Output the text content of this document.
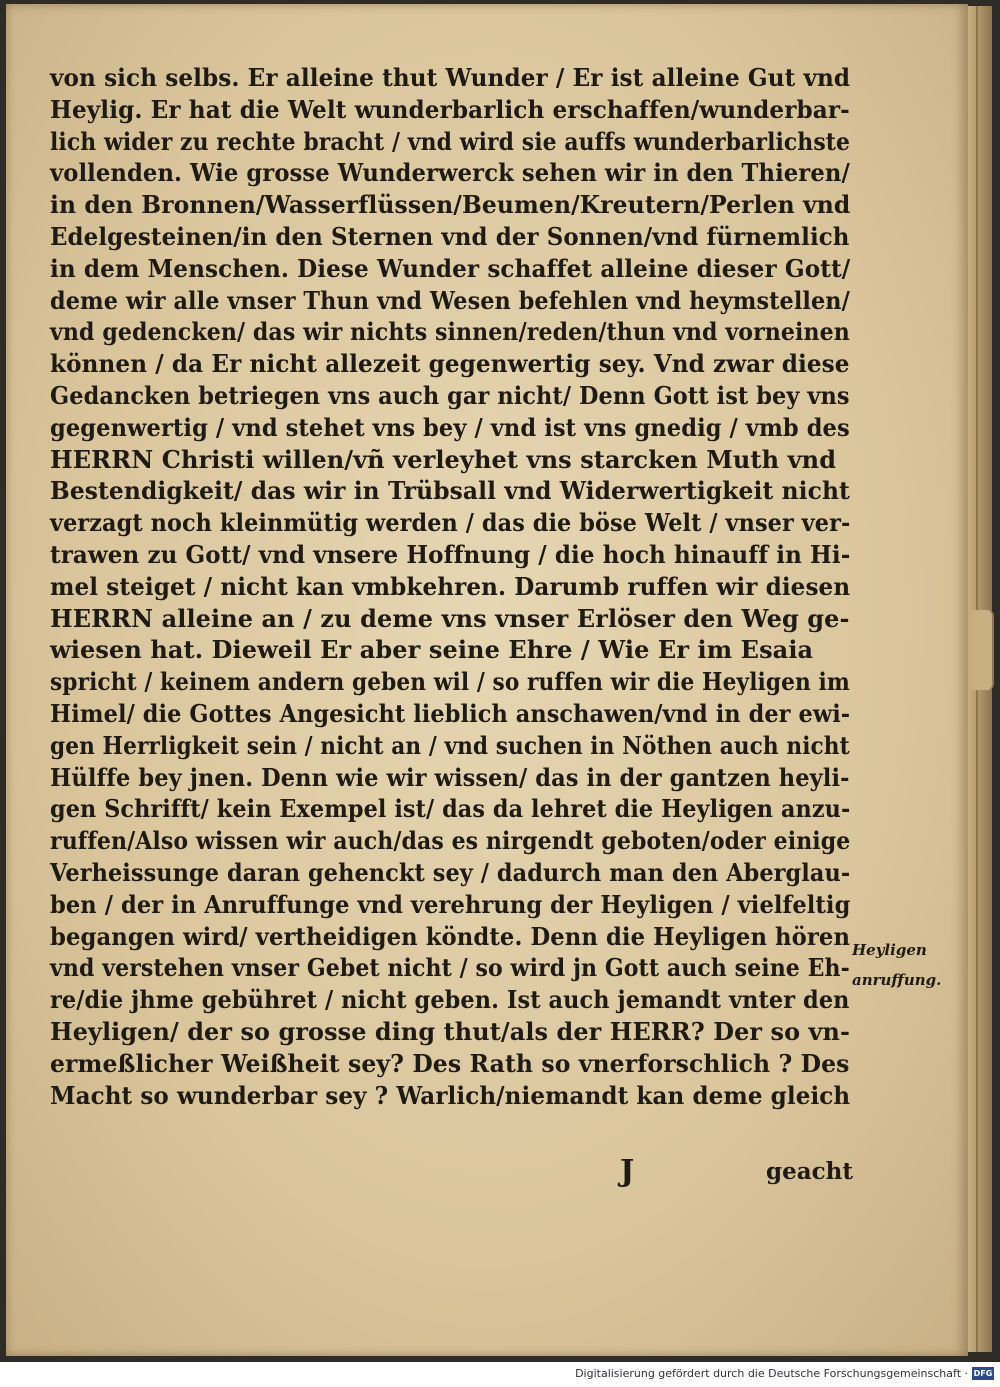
von sich selbs. Er alleine thut Wunder / Er ist alleine Gut vnd
Heylig. Er hat die Welt wunderbarlich erschaffen/wunderbar-
lich wider zu rechte bracht / vnd wird sie auffs wunderbarlichste
vollenden. Wie grosse Wunderwerck sehen wir in den Thieren/
in den Bronnen/Wasserflüssen/Beumen/Kreutern/Perlen vnd
Edelgesteinen/in den Sternen vnd der Sonnen/vnd fürnemlich
in dem Menschen. Diese Wunder schaffet alleine dieser Gott/
deme wir alle vnser Thun vnd Wesen befehlen vnd heymstellen/
vnd gedencken/ das wir nichts sinnen/reden/thun vnd vorneinen
können / da Er nicht allezeit gegenwertig sey. Vnd zwar diese
Gedancken betriegen vns auch gar nicht/ Denn Gott ist bey vns
gegenwertig / vnd stehet vns bey / vnd ist vns gnedig / vmb des
HERRN Christi willen/vñ verleyhet vns starcken Muth vnd
Bestendigkeit/ das wir in Trübsall vnd Widerwertigkeit nicht
verzagt noch kleinmütig werden / das die böse Welt / vnser ver-
trawen zu Gott/ vnd vnsere Hoffnung / die hoch hinauff in Hi-
mel steiget / nicht kan vmbkehren. Darumb ruffen wir diesen
HERRN alleine an / zu deme vns vnser Erlöser den Weg ge-
wiesen hat. Dieweil Er aber seine Ehre / Wie Er im Esaia
spricht / keinem andern geben wil / so ruffen wir die Heyligen im
Himel/ die Gottes Angesicht lieblich anschawen/vnd in der ewi-
gen Herrligkeit sein / nicht an / vnd suchen in Nöthen auch nicht
Hülffe bey jnen. Denn wie wir wissen/ das in der gantzen heyli-
gen Schrifft/ kein Exempel ist/ das da lehret die Heyligen anzu-
ruffen/Also wissen wir auch/das es nirgendt geboten/oder einige
Verheissunge daran gehenckt sey / dadurch man den Aberglau-
ben / der in Anruffunge vnd verehrung der Heyligen / vielfeltig
begangen wird/ vertheidigen köndte. Denn die Heyligen hören
vnd verstehen vnser Gebet nicht / so wird jn Gott auch seine Eh-
re/die jhme gebühret / nicht geben. Ist auch jemandt vnter den
Heyligen/ der so grosse ding thut/als der HERR? Der so vn-
ermeßlicher Weißheit sey? Des Rath so vnerforschlich ? Des
Macht so wunderbar sey ? Warlich/niemandt kan deme gleich
Heyligen
anruffung.
J	geacht
Digitalisierung gefördert durch die Deutsche Forschungsgemeinschaft · DFG
